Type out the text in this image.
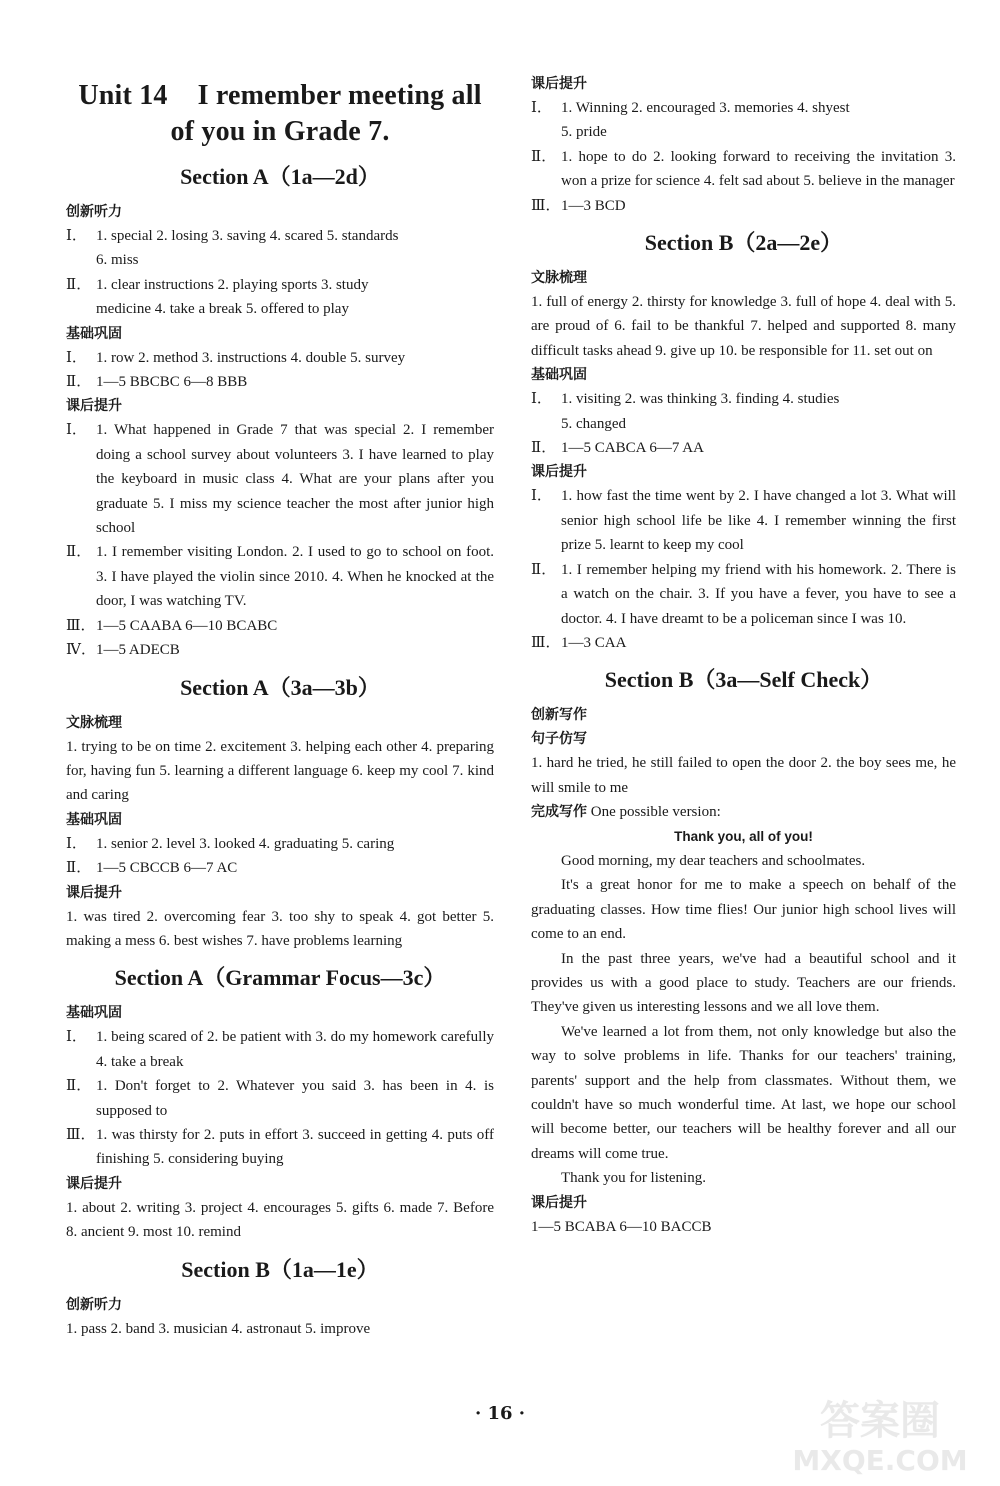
Unit 14 I remember meeting all
of you in Grade 7.
Section A（1a—2d）
创新听力
Ⅰ． 1. special 2. losing 3. saving 4. scared 5. standards
6. miss
Ⅱ． 1. clear instructions 2. playing sports 3. study
medicine 4. take a break 5. offered to play
基础巩固
Ⅰ． 1. row 2. method 3. instructions 4. double 5. survey
Ⅱ． 1—5 BBCBC 6—8 BBB
课后提升
Ⅰ． 1. What happened in Grade 7 that was special 2. I remember doing a school survey about volunteers 3. I have learned to play the keyboard in music class 4. What are your plans after you graduate 5. I miss my science teacher the most after junior high school
Ⅱ． 1. I remember visiting London. 2. I used to go to school on foot. 3. I have played the violin since 2010. 4. When he knocked at the door, I was watching TV.
Ⅲ． 1—5 CAABA 6—10 BCABC
Ⅳ． 1—5 ADECB
Section A（3a—3b）
文脉梳理
1. trying to be on time 2. excitement 3. helping each other 4. preparing for, having fun 5. learning a different language 6. keep my cool 7. kind and caring
基础巩固
Ⅰ． 1. senior 2. level 3. looked 4. graduating 5. caring
Ⅱ． 1—5 CBCCB 6—7 AC
课后提升
1. was tired 2. overcoming fear 3. too shy to speak 4. got better 5. making a mess 6. best wishes 7. have problems learning
Section A（Grammar Focus—3c）
基础巩固
Ⅰ． 1. being scared of 2. be patient with 3. do my homework carefully 4. take a break
Ⅱ． 1. Don't forget to 2. Whatever you said 3. has been in 4. is supposed to
Ⅲ． 1. was thirsty for 2. puts in effort 3. succeed in getting 4. puts off finishing 5. considering buying
课后提升
1. about 2. writing 3. project 4. encourages 5. gifts 6. made 7. Before 8. ancient 9. most 10. remind
Section B（1a—1e）
创新听力
1. pass 2. band 3. musician 4. astronaut 5. improve
课后提升
Ⅰ． 1. Winning 2. encouraged 3. memories 4. shyest
5. pride
Ⅱ． 1. hope to do 2. looking forward to receiving the invitation 3. won a prize for science 4. felt sad about 5. believe in the manager
Ⅲ． 1—3 BCD
Section B（2a—2e）
文脉梳理
1. full of energy 2. thirsty for knowledge 3. full of hope 4. deal with 5. are proud of 6. fail to be thankful 7. helped and supported 8. many difficult tasks ahead 9. give up 10. be responsible for 11. set out on
基础巩固
Ⅰ． 1. visiting 2. was thinking 3. finding 4. studies
5. changed
Ⅱ． 1—5 CABCA 6—7 AA
课后提升
Ⅰ． 1. how fast the time went by 2. I have changed a lot 3. What will senior high school life be like 4. I remember winning the first prize 5. learnt to keep my cool
Ⅱ． 1. I remember helping my friend with his homework. 2. There is a watch on the chair. 3. If you have a fever, you have to see a doctor. 4. I have dreamt to be a policeman since I was 10.
Ⅲ． 1—3 CAA
Section B（3a—Self Check）
创新写作
句子仿写
1. hard he tried, he still failed to open the door 2. the boy sees me, he will smile to me
完成写作 One possible version:
Thank you, all of you!

Good morning, my dear teachers and schoolmates.

It's a great honor for me to make a speech on behalf of the graduating classes. How time flies! Our junior high school lives will come to an end.

In the past three years, we've had a beautiful school and it provides us with a good place to study. Teachers are our friends. They've given us interesting lessons and we all love them.

We've learned a lot from them, not only knowledge but also the way to solve problems in life. Thanks for our teachers' training, parents' support and the help from classmates. Without them, we couldn't have so much wonderful time. At last, we hope our school will become better, our teachers will be healthy forever and all our dreams will come true.

Thank you for listening.

课后提升
1—5 BCABA 6—10 BACCB
· 16 ·	答案圈
MXQE.COM
